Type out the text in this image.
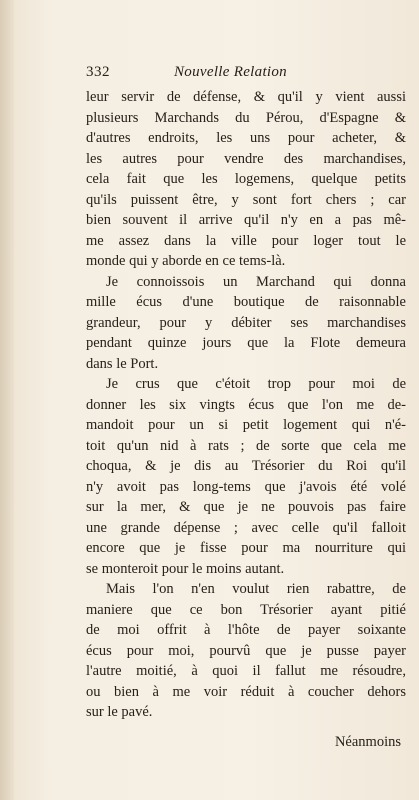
332	Nouvelle Relation
leur servir de défense, & qu'il y vient aussi
plusieurs Marchands du Pérou, d'Espagne &
d'autres endroits, les uns pour acheter, &
les autres pour vendre des marchandises,
cela fait que les logemens, quelque petits
qu'ils puissent être, y sont fort chers ; car
bien souvent il arrive qu'il n'y en a pas mê-
me assez dans la ville pour loger tout le
monde qui y aborde en ce tems-là.
Je connoissois un Marchand qui donna
mille écus d'une boutique de raisonnable
grandeur, pour y débiter ses marchandises
pendant quinze jours que la Flote demeura
dans le Port.
Je crus que c'étoit trop pour moi de
donner les six vingts écus que l'on me de-
mandoit pour un si petit logement qui n'é-
toit qu'un nid à rats ; de sorte que cela me
choqua, & je dis au Trésorier du Roi qu'il
n'y avoit pas long-tems que j'avois été volé
sur la mer, & que je ne pouvois pas faire
une grande dépense ; avec celle qu'il falloit
encore que je fisse pour ma nourriture qui
se monteroit pour le moins autant.
Mais l'on n'en voulut rien rabattre, de
maniere que ce bon Trésorier ayant pitié
de moi offrit à l'hôte de payer soixante
écus pour moi, pourvû que je pusse payer
l'autre moitié, à quoi il fallut me résoudre,
ou bien à me voir réduit à coucher dehors
sur le pavé.
Néanmoins
